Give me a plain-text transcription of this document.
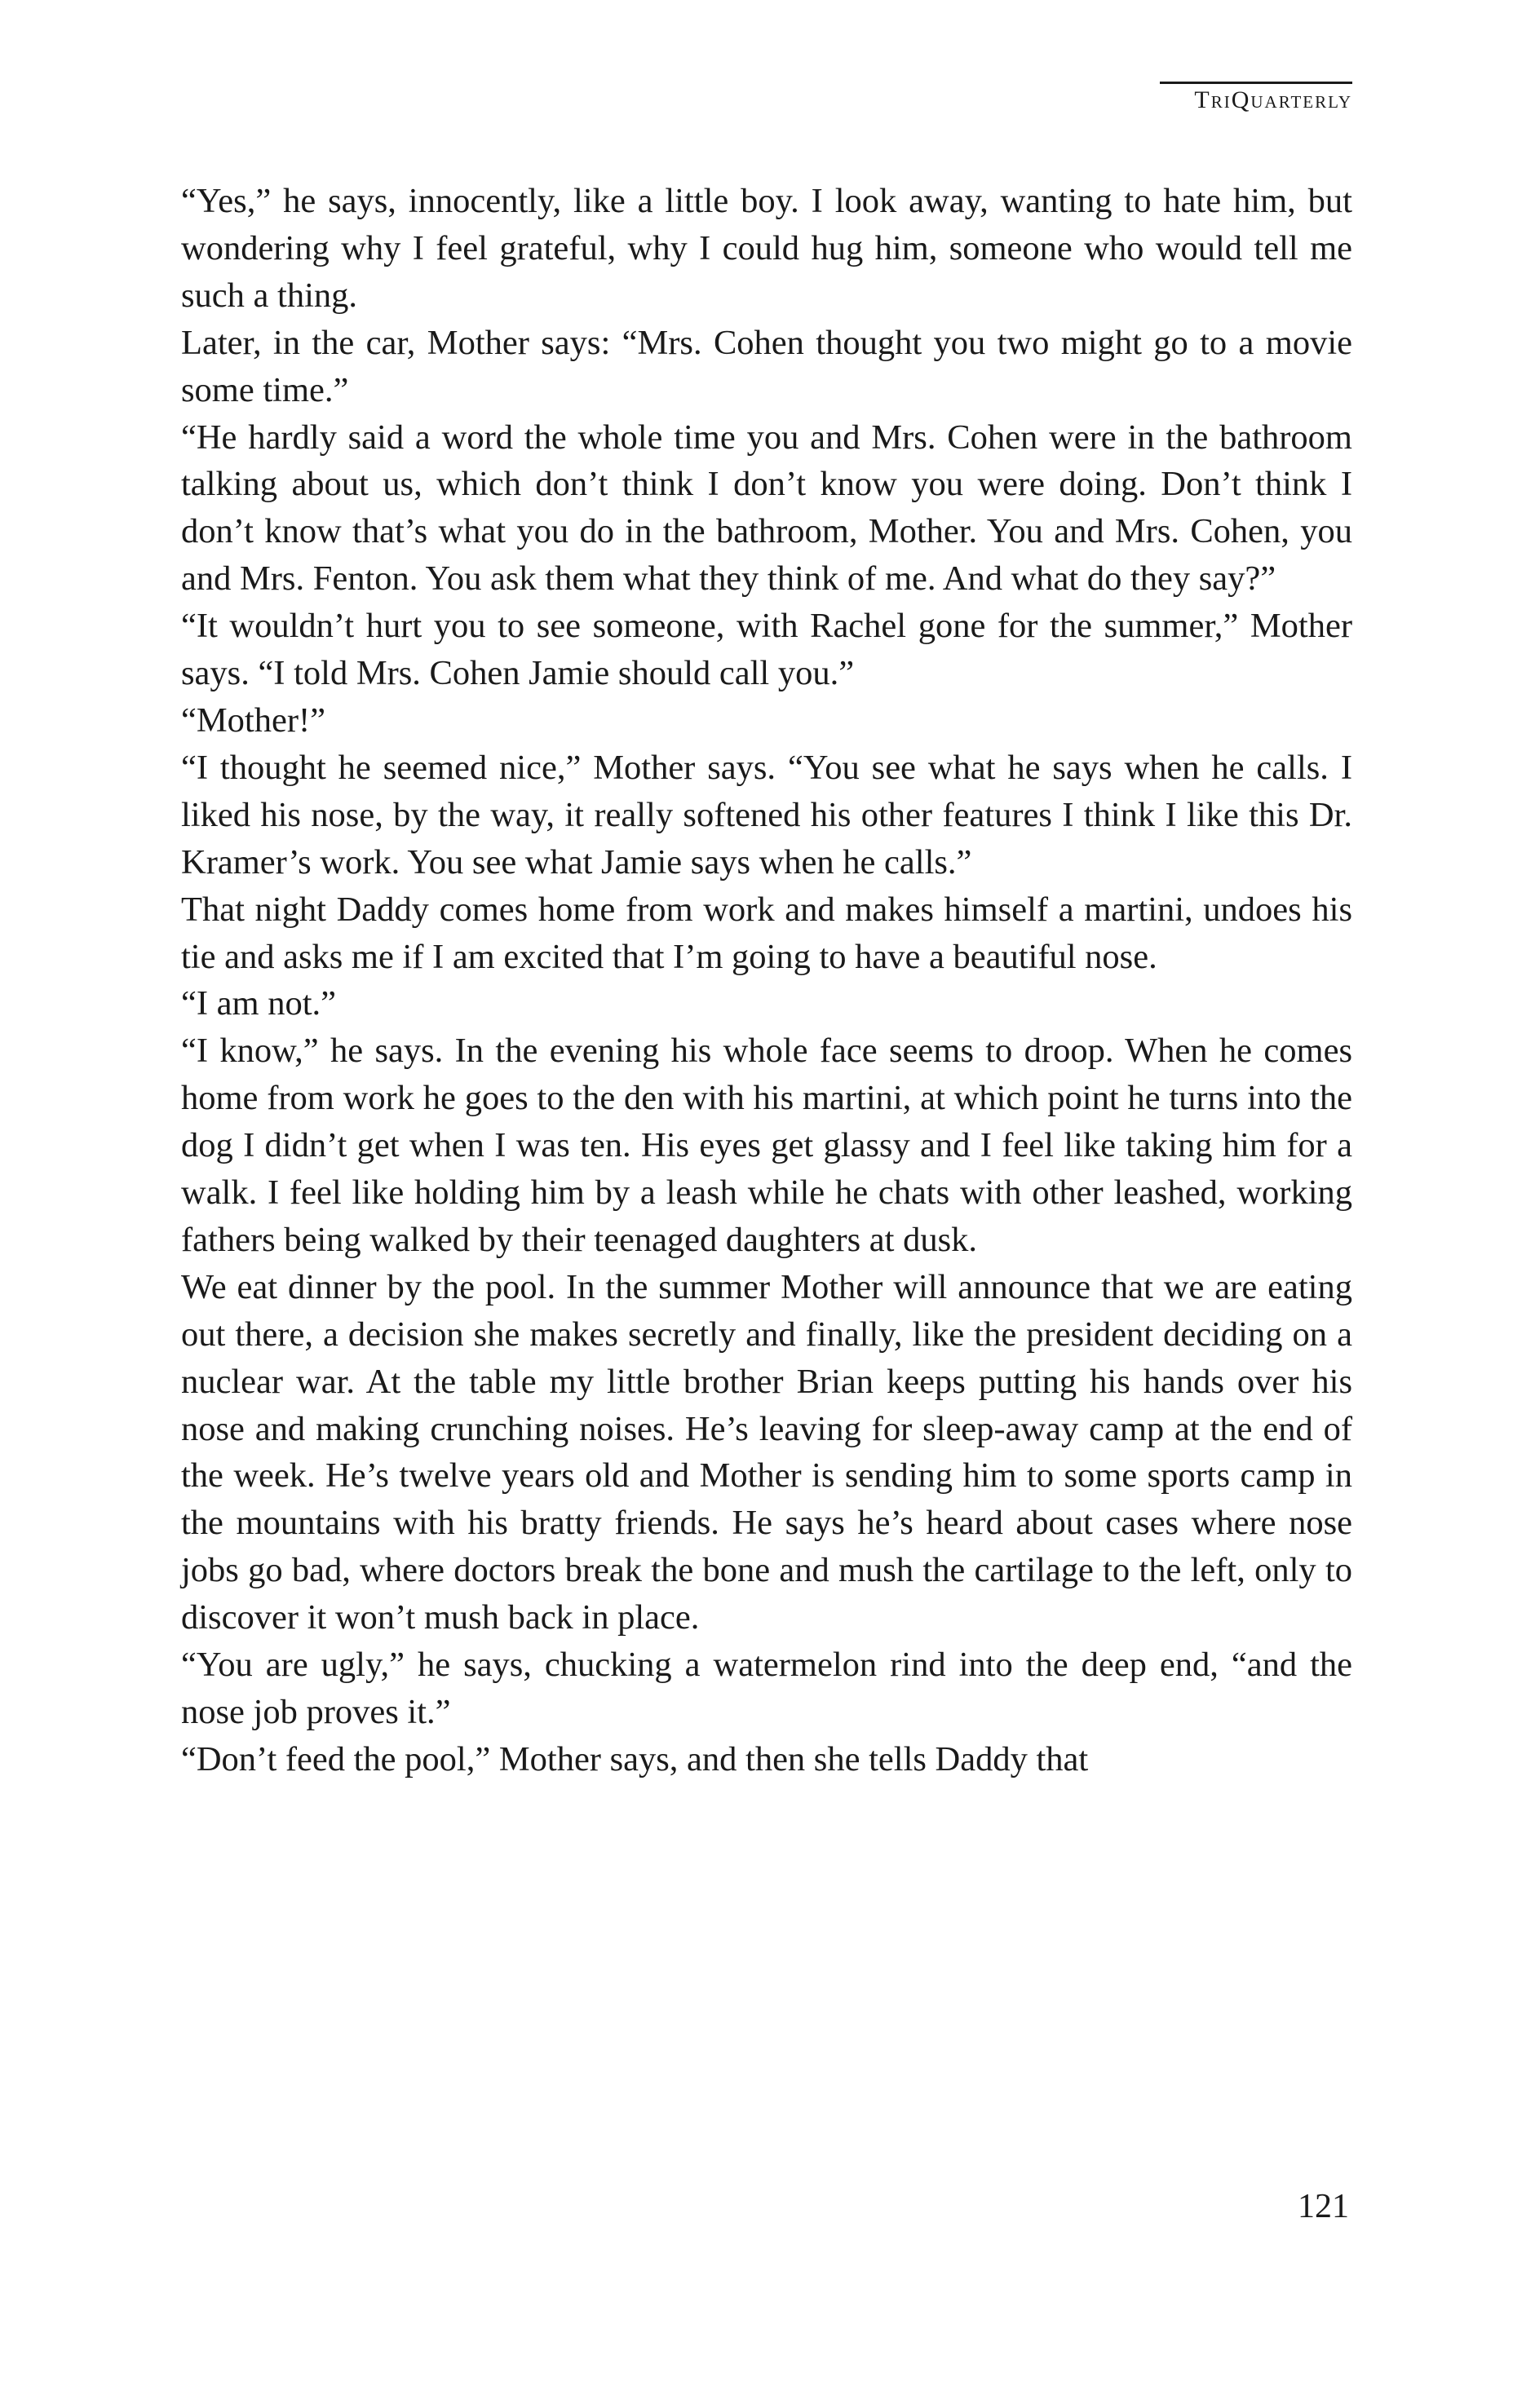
TriQuarterly

“Yes,” he says, innocently, like a little boy. I look away, wanting to hate him, but wondering why I feel grateful, why I could hug him, someone who would tell me such a thing.

Later, in the car, Mother says: “Mrs. Cohen thought you two might go to a movie some time.”

“He hardly said a word the whole time you and Mrs. Cohen were in the bathroom talking about us, which don’t think I don’t know you were doing. Don’t think I don’t know that’s what you do in the bathroom, Mother. You and Mrs. Cohen, you and Mrs. Fenton. You ask them what they think of me. And what do they say?”

“It wouldn’t hurt you to see someone, with Rachel gone for the summer,” Mother says. “I told Mrs. Cohen Jamie should call you.”

“Mother!”

“I thought he seemed nice,” Mother says. “You see what he says when he calls. I liked his nose, by the way, it really softened his other features I think I like this Dr. Kramer’s work. You see what Jamie says when he calls.”

That night Daddy comes home from work and makes himself a martini, undoes his tie and asks me if I am excited that I’m going to have a beautiful nose.

“I am not.”

“I know,” he says. In the evening his whole face seems to droop. When he comes home from work he goes to the den with his martini, at which point he turns into the dog I didn’t get when I was ten. His eyes get glassy and I feel like taking him for a walk. I feel like holding him by a leash while he chats with other leashed, working fathers being walked by their teenaged daughters at dusk.

We eat dinner by the pool. In the summer Mother will announce that we are eating out there, a decision she makes secretly and finally, like the president deciding on a nuclear war. At the table my little brother Brian keeps putting his hands over his nose and making crunching noises. He’s leaving for sleep-away camp at the end of the week. He’s twelve years old and Mother is sending him to some sports camp in the mountains with his bratty friends. He says he’s heard about cases where nose jobs go bad, where doctors break the bone and mush the cartilage to the left, only to discover it won’t mush back in place.

“You are ugly,” he says, chucking a watermelon rind into the deep end, “and the nose job proves it.”

“Don’t feed the pool,” Mother says, and then she tells Daddy that

121
